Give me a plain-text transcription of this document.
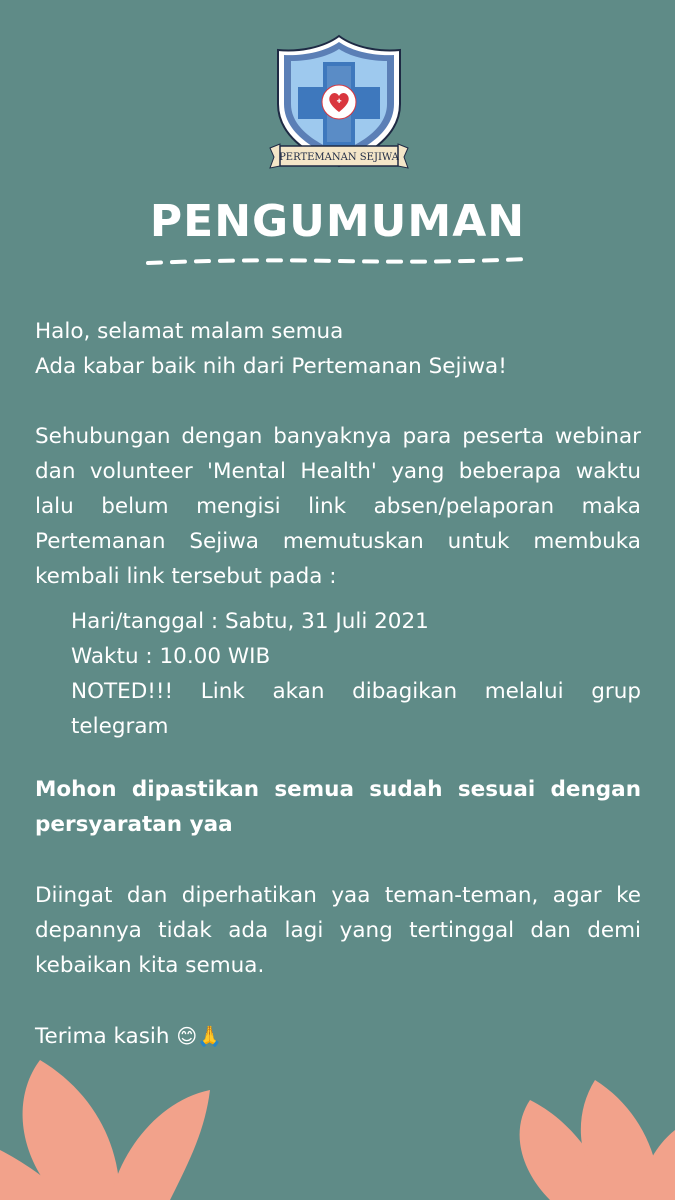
✚
PERTEMANAN SEJIWA
PENGUMUMAN

Halo, selamat malam semua

Ada kabar baik nih dari Pertemanan Sejiwa!

Sehubungan dengan banyaknya para peserta webinar dan volunteer 'Mental Health' yang beberapa waktu lalu belum mengisi link absen/pelaporan maka Pertemanan Sejiwa memutuskan untuk membuka kembali link tersebut pada :

Hari/tanggal : Sabtu, 31 Juli 2021

Waktu : 10.00 WIB

NOTED!!! Link akan dibagikan melalui grup telegram

Mohon dipastikan semua sudah sesuai dengan persyaratan yaa

Diingat dan diperhatikan yaa teman-teman, agar ke depannya tidak ada lagi yang tertinggal dan demi kebaikan kita semua.

Terima kasih 😊🙏
